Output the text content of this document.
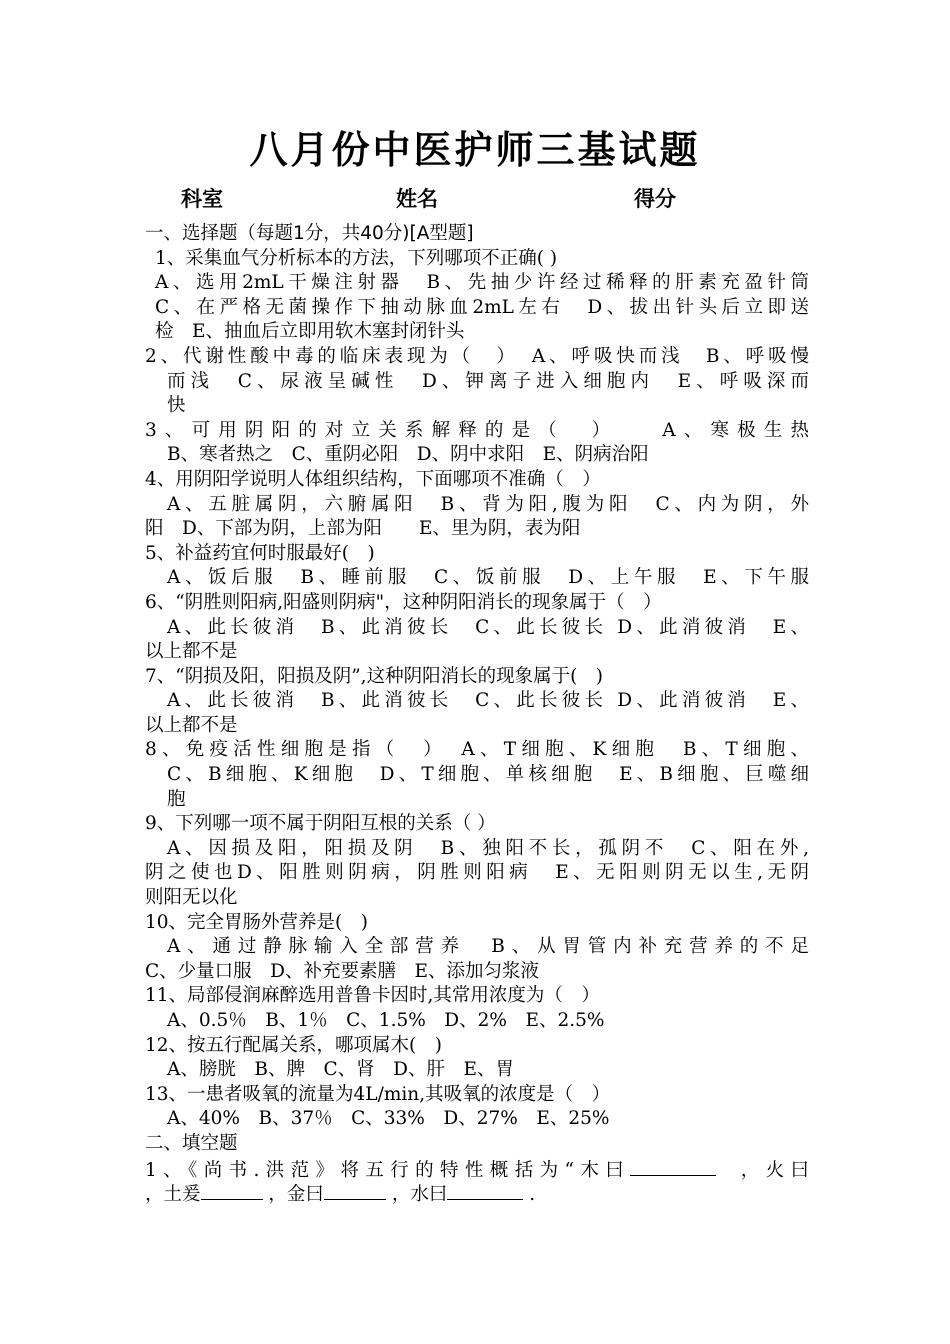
八月份中医护师三基试题
科室	姓名	得分
一、选择题（每题1分，共40分)[A型题]
1、采集血气分析标本的方法，下列哪项不正确( )
A、选用2mL干燥注射器　B、先抽少许经过稀释的肝素充盈针筒
C、在严格无菌操作下抽动脉血2mL左右　D、拔出针头后立即送
检　E、抽血后立即用软木塞封闭针头
2、代谢性酸中毒的临床表现为（　）　A、呼吸快而浅　B、呼吸慢
而浅　C、尿液呈碱性　D、钾离子进入细胞内　E、呼吸深而
快
3、可用阴阳的对立关系解释的是（　）　　A、寒极生热
B、寒者热之　C、重阴必阳　D、阴中求阳　E、阴病治阳
4、用阴阳学说明人体组织结构，下面哪项不准确（　）
A、五脏属阴，六腑属阳　B、背为阳,腹为阳　C、内为阴，外
阳　D、下部为阴，上部为阳　　E、里为阴，表为阳
5、补益药宜何时服最好(　)
A、饭后服　B、睡前服　C、饭前服　D、上午服　E、下午服
6、“阴胜则阳病,阳盛则阴病"，这种阴阳消长的现象属于（　）
A、此长彼消　B、此消彼长　C、此长彼长 D、此消彼消　E、
以上都不是
7、“阴损及阳，阳损及阴”,这种阴阳消长的现象属于(　)
A、此长彼消　B、此消彼长　C、此长彼长 D、此消彼消　E、
以上都不是
8、免疫活性细胞是指（　）　A、T细胞、K细胞　B、T细胞、
C、B细胞、K细胞　D、T细胞、单核细胞　E、B细胞、巨噬细
胞
9、下列哪一项不属于阴阳互根的关系（ ）
A、因损及阳，阳损及阴　B、独阳不长，孤阴不　C、阳在外,
阴之使也D、阳胜则阴病，阴胜则阳病　E、无阳则阴无以生,无阴
则阳无以化
10、完全胃肠外营养是(　)
A、通过静脉输入全部营养　B、从胃管内补充营养的不足
C、少量口服　D、补充要素膳　E、添加匀浆液
11、局部侵润麻醉选用普鲁卡因时,其常用浓度为（　）
A、0.5％　B、1％　C、1.5%　D、2%　E、2.5%
12、按五行配属关系，哪项属木(　)
A、膀胱　B、脾　C、肾　D、肝　E、胃
13、一患者吸氧的流量为4L/min,其吸氧的浓度是（　）
A、40%　B、37％　C、33%　D、27%　E、25%
二、填空题
1、《尚书.洪范》将五行的特性概括为“木曰	，火曰
，土爰	，金曰	，水曰	.
